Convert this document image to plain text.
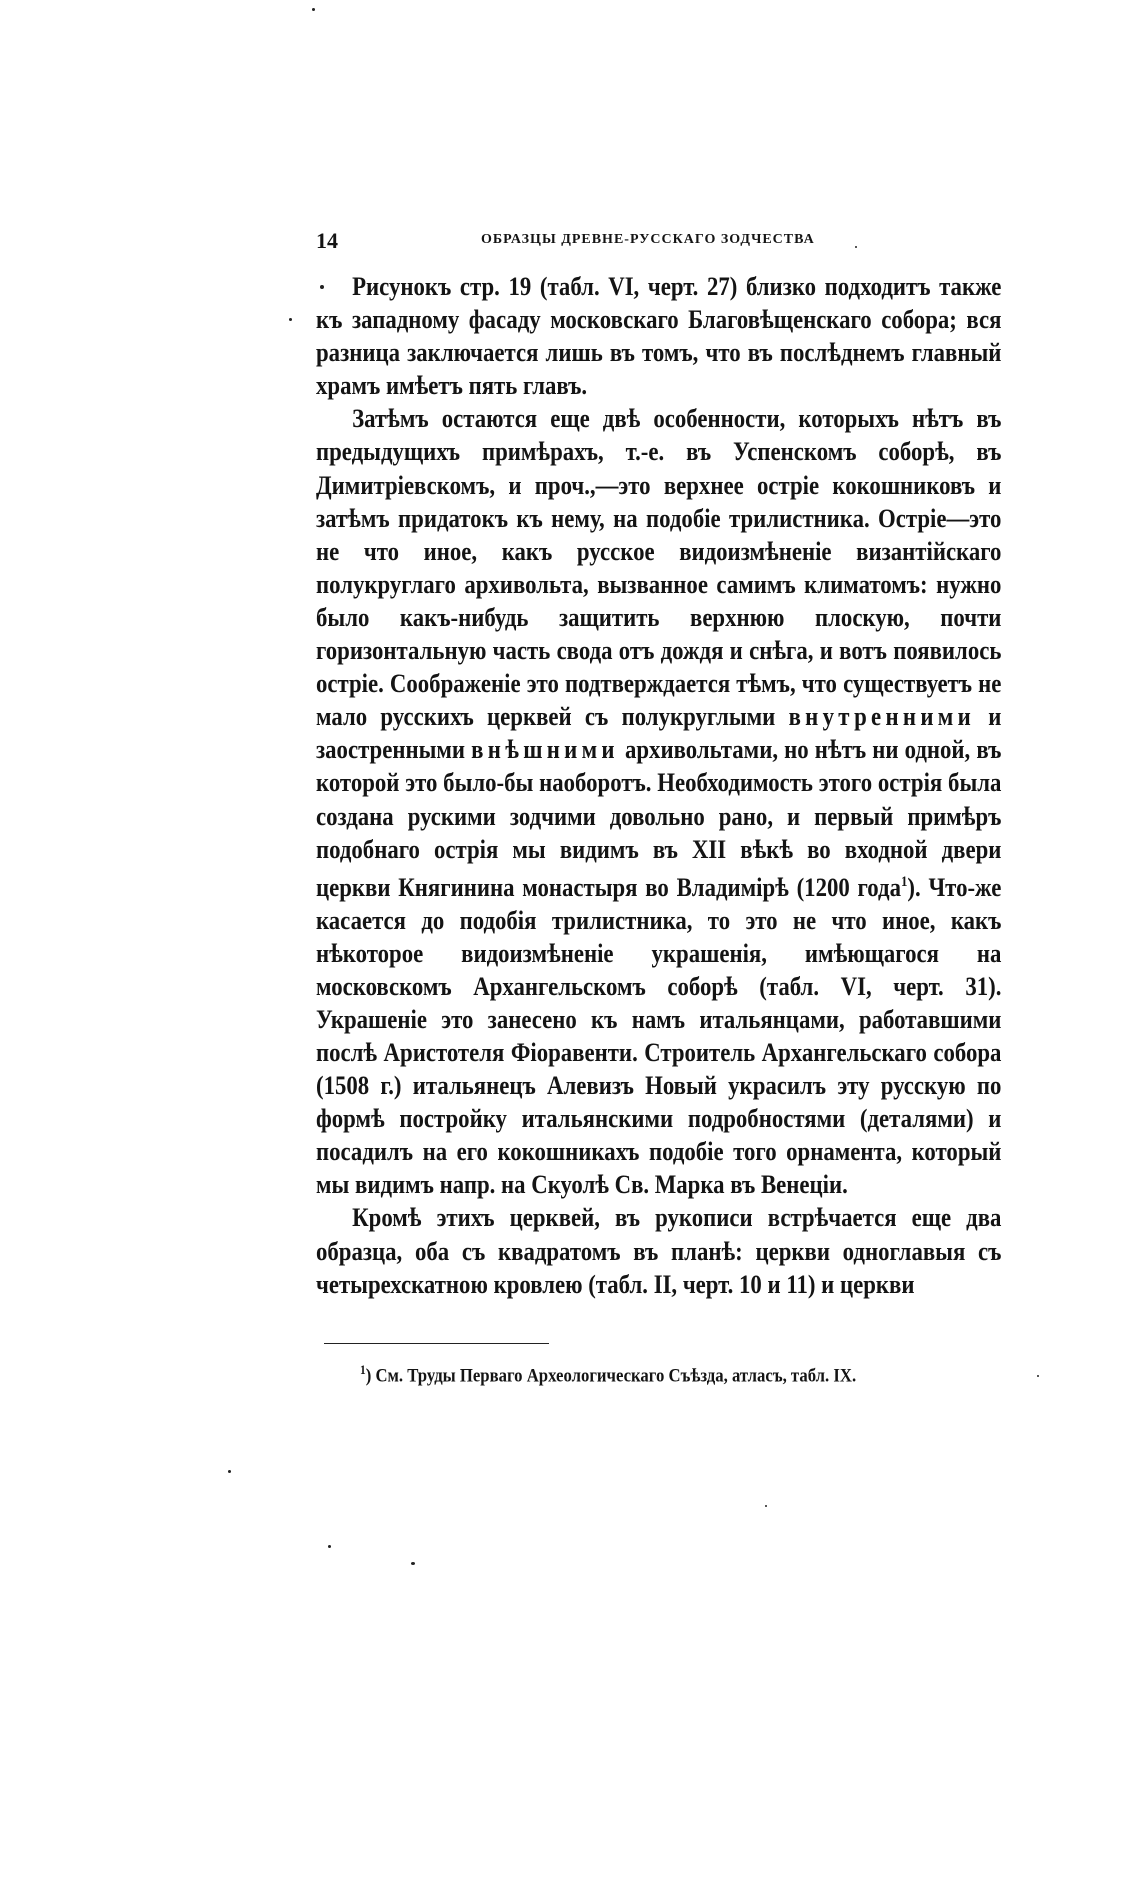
14	ОБРАЗЦЫ ДРЕВНЕ-РУССКАГО ЗОДЧЕСТВА

Рисунокъ стр. 19 (табл. VI, черт. 27) близко подходитъ также къ западному фасаду московскаго Благовѣщенскаго собора; вся разница заключается лишь въ томъ, что въ послѣднемъ главный храмъ имѣетъ пять главъ.

Затѣмъ остаются еще двѣ особенности, которыхъ нѣтъ въ предыдущихъ примѣрахъ, т.-е. въ Успенскомъ соборѣ, въ Димитріевскомъ, и проч.,—это верхнее остріе кокошниковъ и затѣмъ придатокъ къ нему, на подобіе трилистника. Остріе—это не что иное, какъ русское видоизмѣненіе византійскаго полукруглаго архивольта, вызванное самимъ климатомъ: нужно было какъ-нибудь защитить верхнюю плоскую, почти горизонтальную часть свода отъ дождя и снѣга, и вотъ появилось остріе. Соображеніе это подтверждается тѣмъ, что существуетъ не мало русскихъ церквей съ полукруглыми внутренними и заостренными внѣшними архивольтами, но нѣтъ ни одной, въ которой это было-бы наоборотъ. Необходимость этого острія была создана рускими зодчими довольно рано, и первый примѣръ подобнаго острія мы видимъ въ XII вѣкѣ во входной двери церкви Княгинина монастыря во Владимірѣ (1200 года$^1$). Что-же касается до подобія трилистника, то это не что иное, какъ нѣкоторое видоизмѣненіе украшенія, имѣющагося на московскомъ Архангельскомъ соборѣ (табл. VI, черт. 31). Украшеніе это занесено къ намъ итальянцами, работавшими послѣ Аристотеля Фіоравенти. Строитель Архангельскаго собора (1508 г.) итальянецъ Алевизъ Новый украсилъ эту русскую по формѣ постройку итальянскими подробностями (деталями) и посадилъ на его кокошникахъ подобіе того орнамента, который мы видимъ напр. на Скуолѣ Св. Марка въ Венеціи.

Кромѣ этихъ церквей, въ рукописи встрѣчается еще два образца, оба съ квадратомъ въ планѣ: церкви одноглавыя съ четырехскатною кровлею (табл. II, черт. 10 и 11) и церкви

$^1$) См. Труды Перваго Археологическаго Съѣзда, атласъ, табл. IX.
